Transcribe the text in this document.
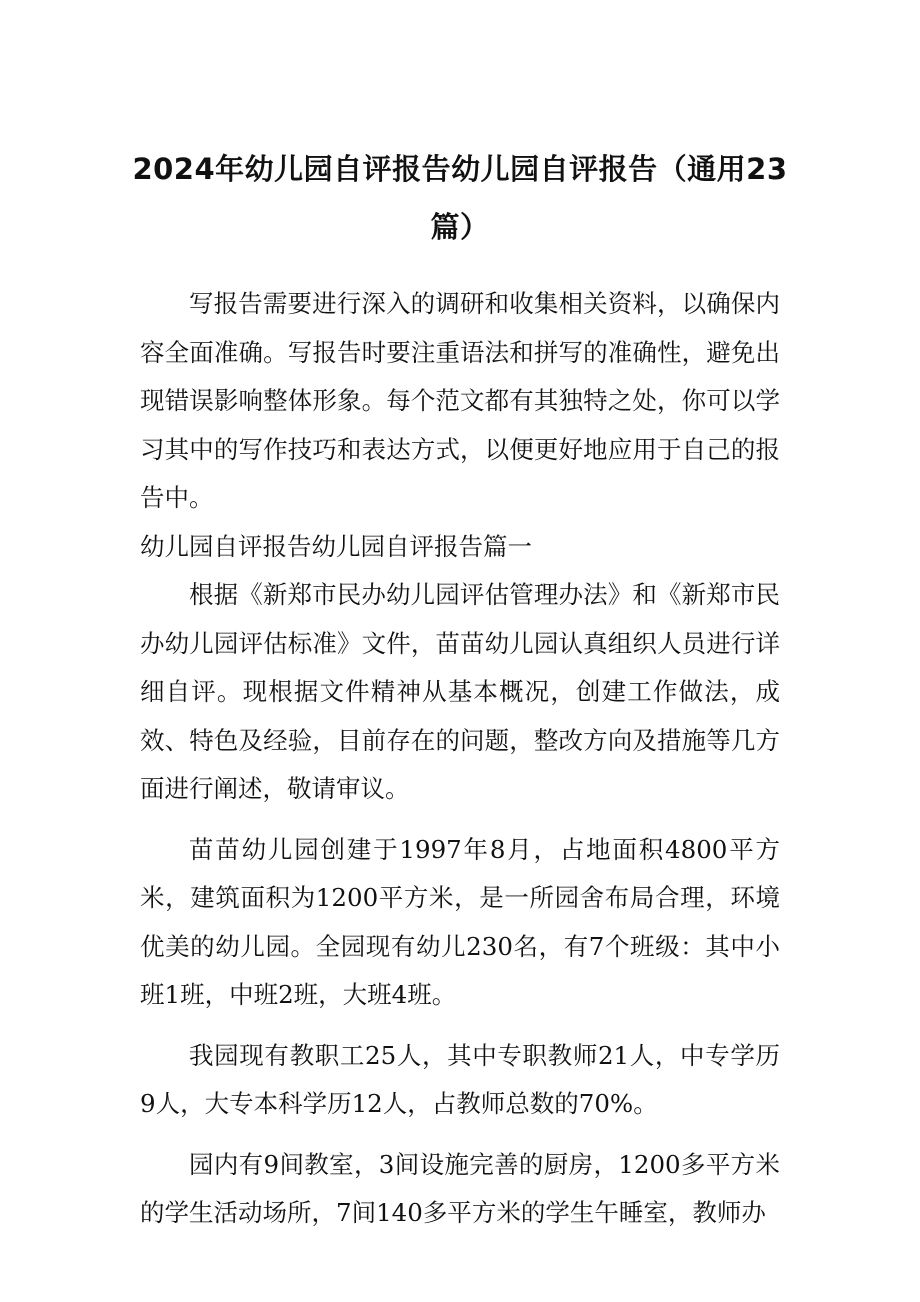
2024年幼儿园自评报告幼儿园自评报告（通用23篇）

写报告需要进行深入的调研和收集相关资料，以确保内容全面准确。写报告时要注重语法和拼写的准确性，避免出现错误影响整体形象。每个范文都有其独特之处，你可以学习其中的写作技巧和表达方式，以便更好地应用于自己的报告中。

幼儿园自评报告幼儿园自评报告篇一

根据《新郑市民办幼儿园评估管理办法》和《新郑市民办幼儿园评估标准》文件，苗苗幼儿园认真组织人员进行详细自评。现根据文件精神从基本概况，创建工作做法，成效、特色及经验，目前存在的问题，整改方向及措施等几方面进行阐述，敬请审议。

苗苗幼儿园创建于1997年8月，占地面积4800平方米，建筑面积为1200平方米，是一所园舍布局合理，环境优美的幼儿园。全园现有幼儿230名，有7个班级：其中小班1班，中班2班，大班4班。

我园现有教职工25人，其中专职教师21人，中专学历9人，大专本科学历12人，占教师总数的70%。

园内有9间教室，3间设施完善的厨房，1200多平方米的学生活动场所，7间140多平方米的学生午睡室，教师办
